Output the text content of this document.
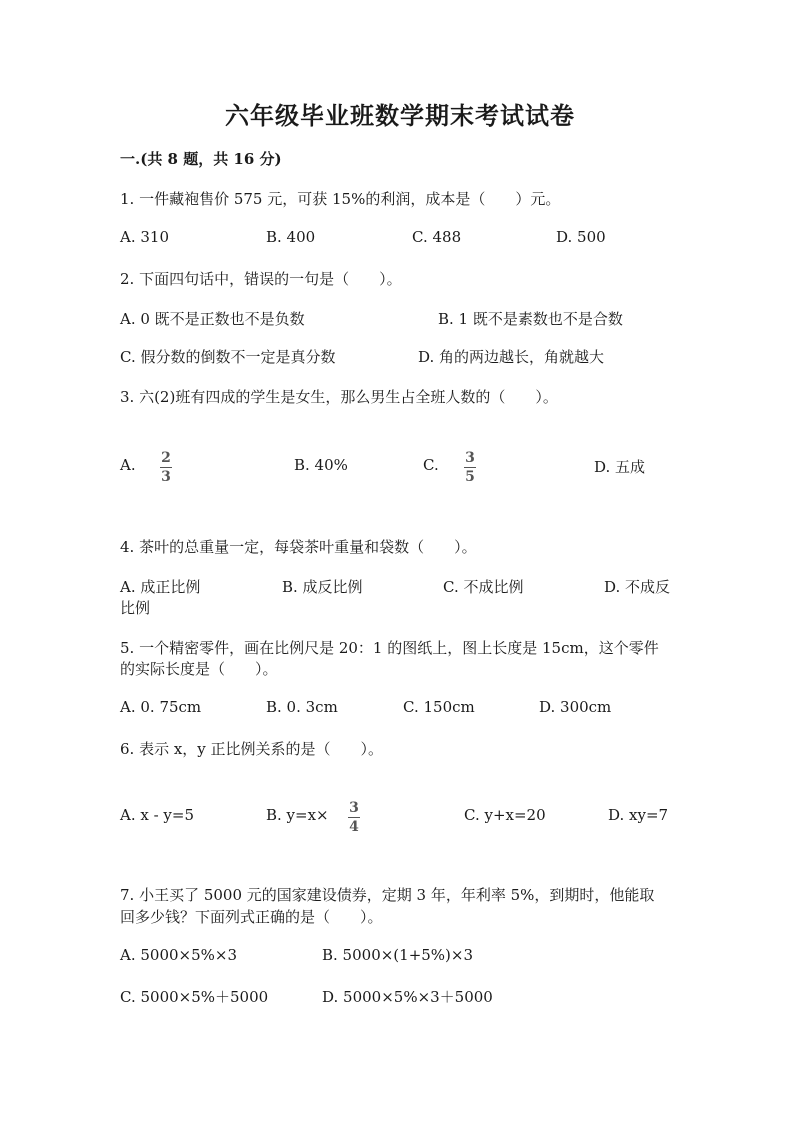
六年级毕业班数学期末考试试卷
一.(共 8 题，共 16 分)
1. 一件藏袍售价 575 元，可获 15%的利润，成本是（　　）元。
A. 310	B. 400	C. 488	D. 500
2. 下面四句话中，错误的一句是（　　）。
A. 0 既不是正数也不是负数	B. 1 既不是素数也不是合数
C. 假分数的倒数不一定是真分数	D. 角的两边越长，角就越大
3. 六(2)班有四成的学生是女生，那么男生占全班人数的（　　）。
A. 2
3
B. 40%	C. 3
5
D. 五成
4. 茶叶的总重量一定，每袋茶叶重量和袋数（　　）。
A. 成正比例	B. 成反比例	C. 不成比例	D. 不成反
比例
5. 一个精密零件，画在比例尺是 20：1 的图纸上，图上长度是 15cm，这个零件
的实际长度是（　　）。
A. 0. 75cm	B. 0. 3cm	C. 150cm	D. 300cm
6. 表示 x，y 正比例关系的是（　　）。
A. x - y=5	B. y=x× 3
4
C. y+x=20	D. xy=7
7. 小王买了 5000 元的国家建设债券，定期 3 年，年利率 5%，到期时，他能取
回多少钱？下面列式正确的是（　　）。
A. 5000×5%×3	B. 5000×(1+5%)×3
C. 5000×5%＋5000	D. 5000×5%×3＋5000
